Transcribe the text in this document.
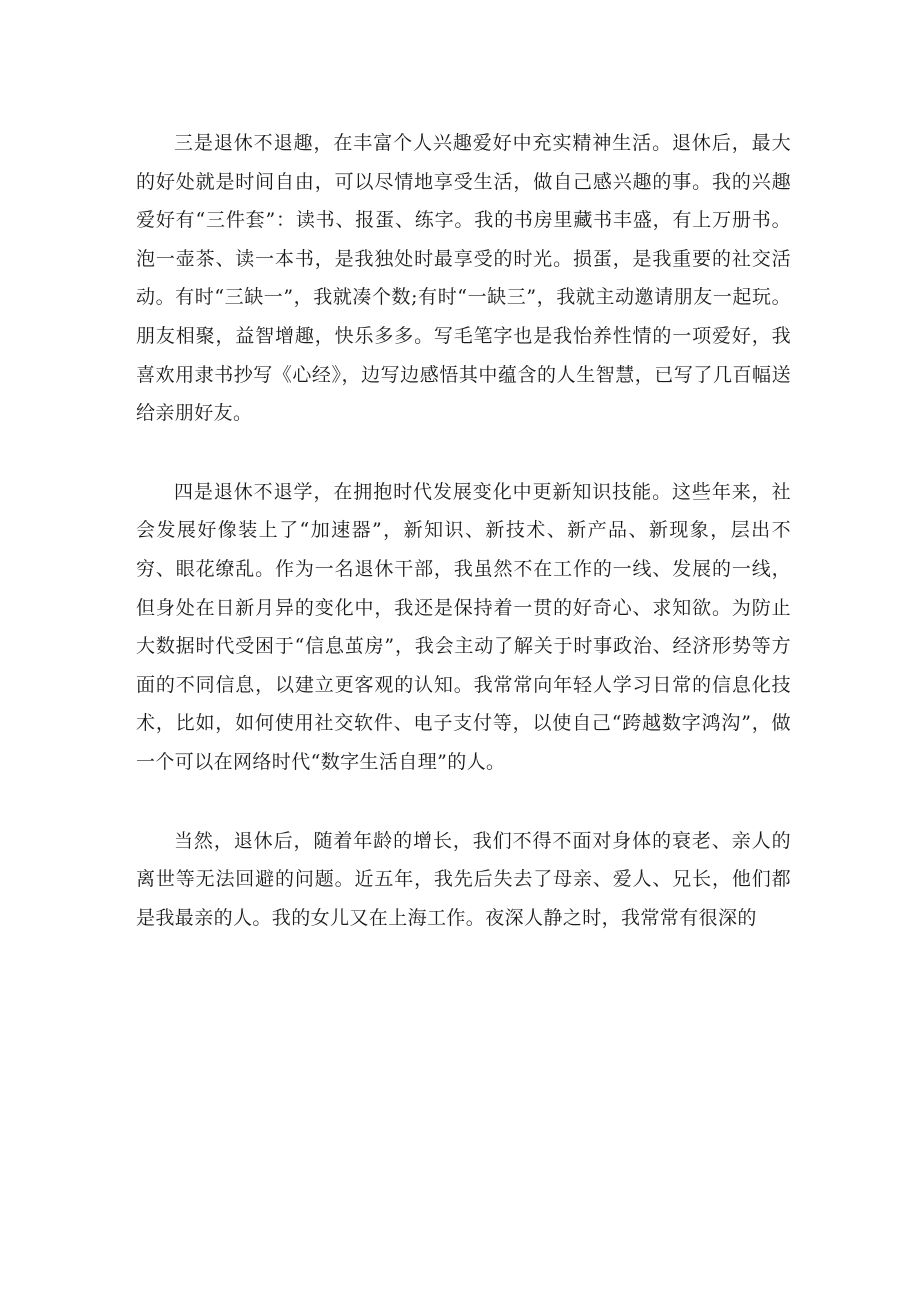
三是退休不退趣，在丰富个人兴趣爱好中充实精神生活。退休后，最大的好处就是时间自由，可以尽情地享受生活，做自己感兴趣的事。我的兴趣爱好有“三件套”：读书、报蛋、练字。我的书房里藏书丰盛，有上万册书。泡一壶茶、读一本书，是我独处时最享受的时光。损蛋，是我重要的社交活动。有时“三缺一”，我就凑个数;有时“一缺三”，我就主动邀请朋友一起玩。朋友相聚，益智增趣，快乐多多。写毛笔字也是我怡养性情的一项爱好，我喜欢用隶书抄写《心经》，边写边感悟其中蕴含的人生智慧，已写了几百幅送给亲朋好友。

四是退休不退学，在拥抱时代发展变化中更新知识技能。这些年来，社会发展好像装上了“加速器”，新知识、新技术、新产品、新现象，层出不穷、眼花缭乱。作为一名退休干部，我虽然不在工作的一线、发展的一线，但身处在日新月异的变化中，我还是保持着一贯的好奇心、求知欲。为防止大数据时代受困于“信息茧房”，我会主动了解关于时事政治、经济形势等方面的不同信息，以建立更客观的认知。我常常向年轻人学习日常的信息化技术，比如，如何使用社交软件、电子支付等，以使自己“跨越数字鸿沟”，做一个可以在网络时代“数字生活自理”的人。

当然，退休后，随着年龄的增长，我们不得不面对身体的衰老、亲人的离世等无法回避的问题。近五年，我先后失去了母亲、爱人、兄长，他们都是我最亲的人。我的女儿又在上海工作。夜深人静之时，我常常有很深的
